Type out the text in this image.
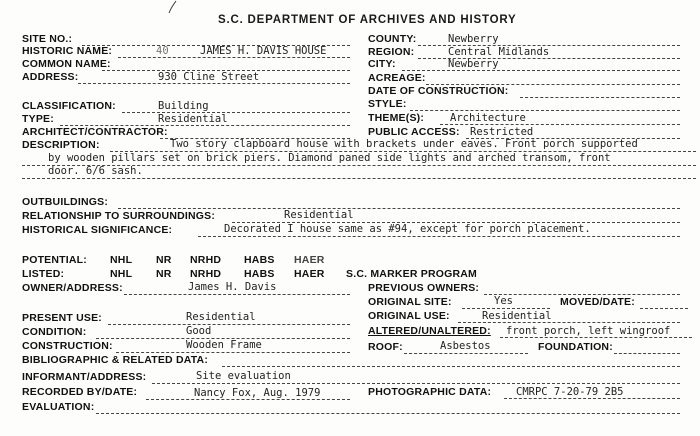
S.C. DEPARTMENT OF ARCHIVES AND HISTORY
SITE NO.:	COUNTY:	Newberry
HISTORIC NAME:	40	JAMES H. DAVIS HOUSE	REGION:	Central Midlands
COMMON NAME:	CITY:	Newberry
ADDRESS:	930 Cline Street	ACREAGE:
DATE OF CONSTRUCTION:
CLASSIFICATION:	Building	STYLE:
TYPE:	Residential	THEME(S): Architecture
ARCHITECT/CONTRACTOR:	PUBLIC ACCESS: Restricted
DESCRIPTION:	Two story clapboard house with brackets under eaves. Front porch supported
by wooden pillars set on brick piers. Diamond paned side lights and arched transom, front
door. 6/6 sash.
OUTBUILDINGS:
RELATIONSHIP TO SURROUNDINGS:	Residential
HISTORICAL SIGNIFICANCE:	Decorated I house same as #94, except for porch placement.
POTENTIAL: NHL NR NRHD HABS HAER
LISTED:	NHL NR NRHD HABS HAER S.C. MARKER PROGRAM
OWNER/ADDRESS:	James H. Davis	PREVIOUS OWNERS:
ORIGINAL SITE:	Yes	MOVED/DATE:
PRESENT USE:	Residential	ORIGINAL USE:	Residential
CONDITION:	Good	ALTERED/UNALTERED: front porch, left wingroof
CONSTRUCTION:	Wooden Frame	ROOF:	Asbestos	FOUNDATION:
BIBLIOGRAPHIC & RELATED DATA:
INFORMANT/ADDRESS:	Site evaluation
RECORDED BY/DATE:	Nancy Fox, Aug. 1979	PHOTOGRAPHIC DATA: CMRPC 7-20-79 2B5
EVALUATION:
